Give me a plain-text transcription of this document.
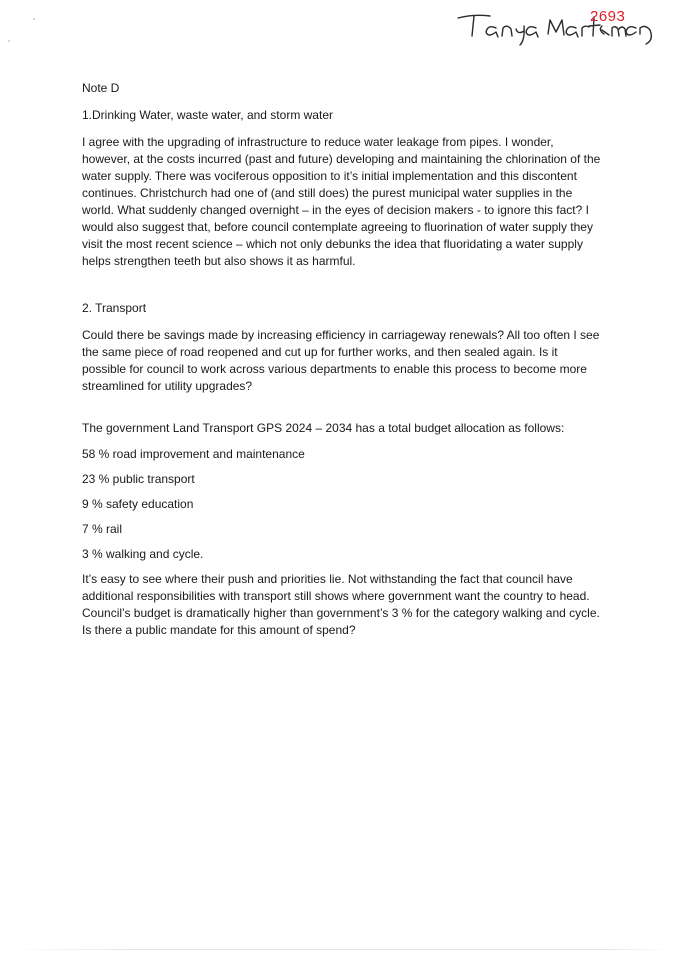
2693

Note D

1.Drinking Water, waste water, and storm water

I agree with the upgrading of infrastructure to reduce water leakage from pipes. I wonder, however, at the costs incurred (past and future) developing and maintaining the chlorination of the water supply. There was vociferous opposition to it’s initial implementation and this discontent continues. Christchurch had one of (and still does) the purest municipal water supplies in the world. What suddenly changed overnight – in the eyes of decision makers - to ignore this fact? I would also suggest that, before council contemplate agreeing to fluorination of water supply they visit the most recent science – which not only debunks the idea that fluoridating a water supply helps strengthen teeth but also shows it as harmful.

2. Transport

Could there be savings made by increasing efficiency in carriageway renewals? All too often I see the same piece of road reopened and cut up for further works, and then sealed again. Is it possible for council to work across various departments to enable this process to become more streamlined for utility upgrades?

The government Land Transport GPS 2024 – 2034 has a total budget allocation as follows:

58 % road improvement and maintenance

23 % public transport

9 % safety education

7 % rail

3 % walking and cycle.

It’s easy to see where their push and priorities lie. Not withstanding the fact that council have additional responsibilities with transport still shows where government want the country to head. Council’s budget is dramatically higher than government’s 3 % for the category walking and cycle. Is there a public mandate for this amount of spend?
